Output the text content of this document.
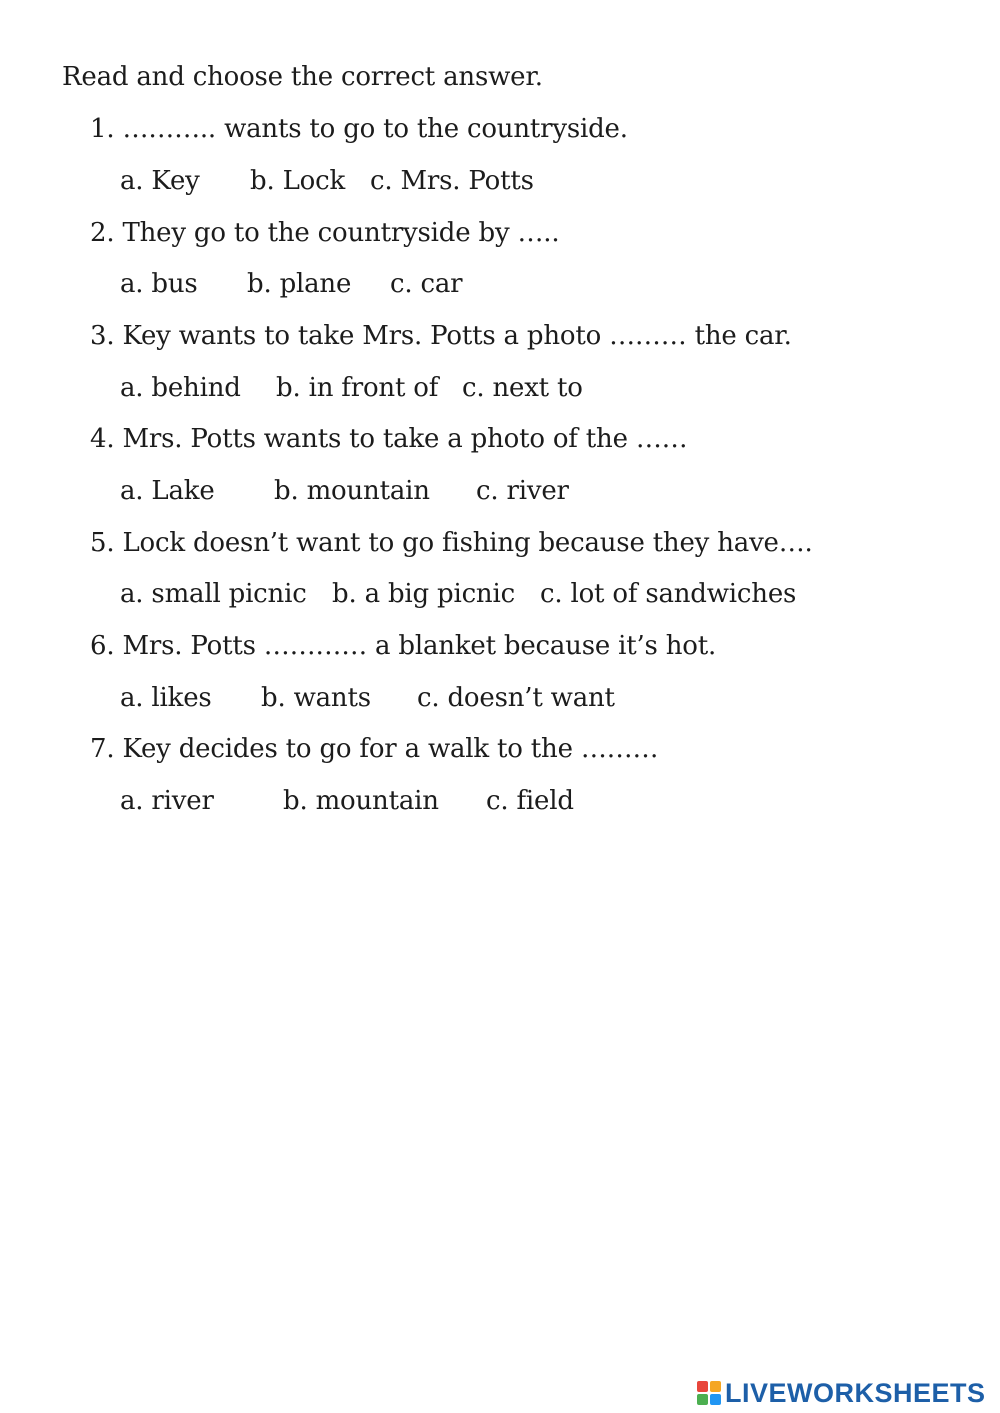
Read and choose the correct answer.
1. ……….. wants to go to the countryside.
a. Key b. Lock c. Mrs. Potts
2. They go to the countryside by …..
a. bus b. plane c. car
3. Key wants to take Mrs. Potts a photo ……… the car.
a. behind b. in front of c. next to
4. Mrs. Potts wants to take a photo of the ……
a. Lake b. mountain c. river
5. Lock doesn’t want to go fishing because they have….
a. small picnic b. a big picnic c. lot of sandwiches
6. Mrs. Potts ………… a blanket because it’s hot.
a. likes b. wants c. doesn’t want
7. Key decides to go for a walk to the ………
a. river	b. mountain c. field
LIVEWORKSHEETS
